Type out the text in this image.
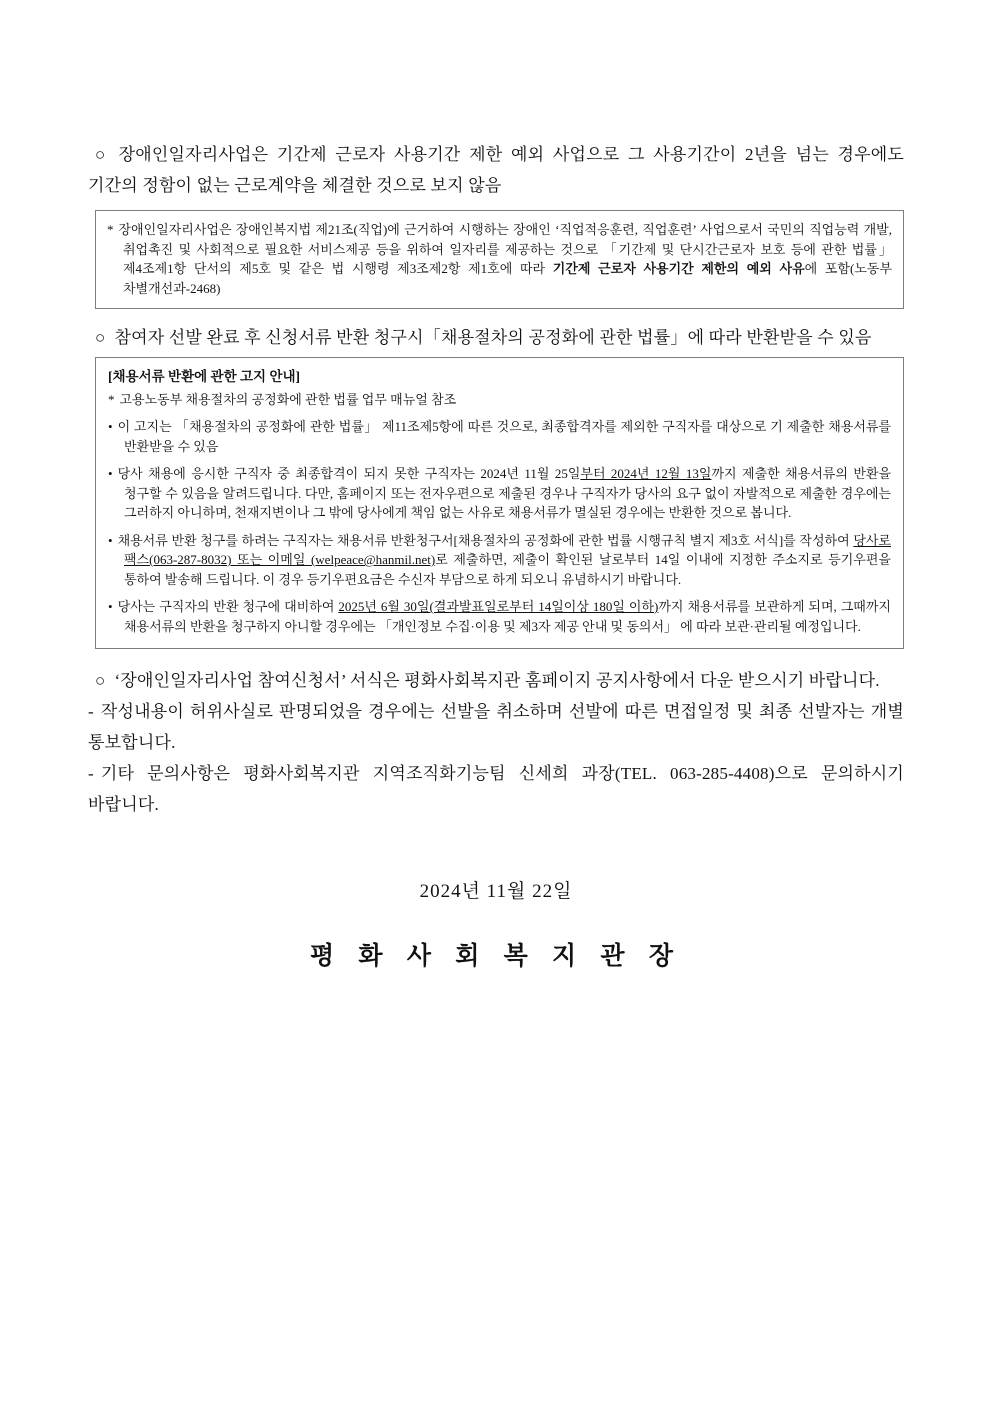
○ 장애인일자리사업은 기간제 근로자 사용기간 제한 예외 사업으로 그 사용기간이 2년을 넘는 경우에도 기간의 정함이 없는 근로계약을 체결한 것으로 보지 않음

* 장애인일자리사업은 장애인복지법 제21조(직업)에 근거하여 시행하는 장애인 ‘직업적응훈련, 직업훈련’ 사업으로서 국민의 직업능력 개발, 취업촉진 및 사회적으로 필요한 서비스제공 등을 위하여 일자리를 제공하는 것으로 「기간제 및 단시간근로자 보호 등에 관한 법률」 제4조제1항 단서의 제5호 및 같은 법 시행령 제3조제2항 제1호에 따라 기간제 근로자 사용기간 제한의 예외 사유에 포함(노동부 차별개선과-2468)

○ 참여자 선발 완료 후 신청서류 반환 청구시「채용절차의 공정화에 관한 법률」에 따라 반환받을 수 있음

[채용서류 반환에 관한 고지 안내]

* 고용노동부 채용절차의 공정화에 관한 법률 업무 매뉴얼 참조

• 이 고지는 「채용절차의 공정화에 관한 법률」 제11조제5항에 따른 것으로, 최종합격자를 제외한 구직자를 대상으로 기 제출한 채용서류를 반환받을 수 있음

• 당사 채용에 응시한 구직자 중 최종합격이 되지 못한 구직자는 2024년 11월 25일부터 2024년 12월 13일까지 제출한 채용서류의 반환을 청구할 수 있음을 알려드립니다. 다만, 홈페이지 또는 전자우편으로 제출된 경우나 구직자가 당사의 요구 없이 자발적으로 제출한 경우에는 그러하지 아니하며, 천재지변이나 그 밖에 당사에게 책임 없는 사유로 채용서류가 멸실된 경우에는 반환한 것으로 봅니다.

• 채용서류 반환 청구를 하려는 구직자는 채용서류 반환청구서[채용절차의 공정화에 관한 법률 시행규칙 별지 제3호 서식]를 작성하여 당사로 팩스(063-287-8032) 또는 이메일 (welpeace@hanmil.net)로 제출하면, 제출이 확인된 날로부터 14일 이내에 지정한 주소지로 등기우편을 통하여 발송해 드립니다. 이 경우 등기우편요금은 수신자 부담으로 하게 되오니 유념하시기 바랍니다.

• 당사는 구직자의 반환 청구에 대비하여 2025년 6월 30일(결과발표일로부터 14일이상 180일 이하)까지 채용서류를 보관하게 되며, 그때까지 채용서류의 반환을 청구하지 아니할 경우에는 「개인정보 수집·이용 및 제3자 제공 안내 및 동의서」 에 따라 보관·관리될 예정입니다.

○ ‘장애인일자리사업 참여신청서’ 서식은 평화사회복지관 홈페이지 공지사항에서 다운 받으시기 바랍니다.

- 작성내용이 허위사실로 판명되었을 경우에는 선발을 취소하며 선발에 따른 면접일정 및 최종 선발자는 개별 통보합니다.

- 기타 문의사항은 평화사회복지관 지역조직화기능팀 신세희 과장(TEL. 063-285-4408)으로 문의하시기 바랍니다.

2024년 11월 22일

평 화 사 회 복 지 관 장
